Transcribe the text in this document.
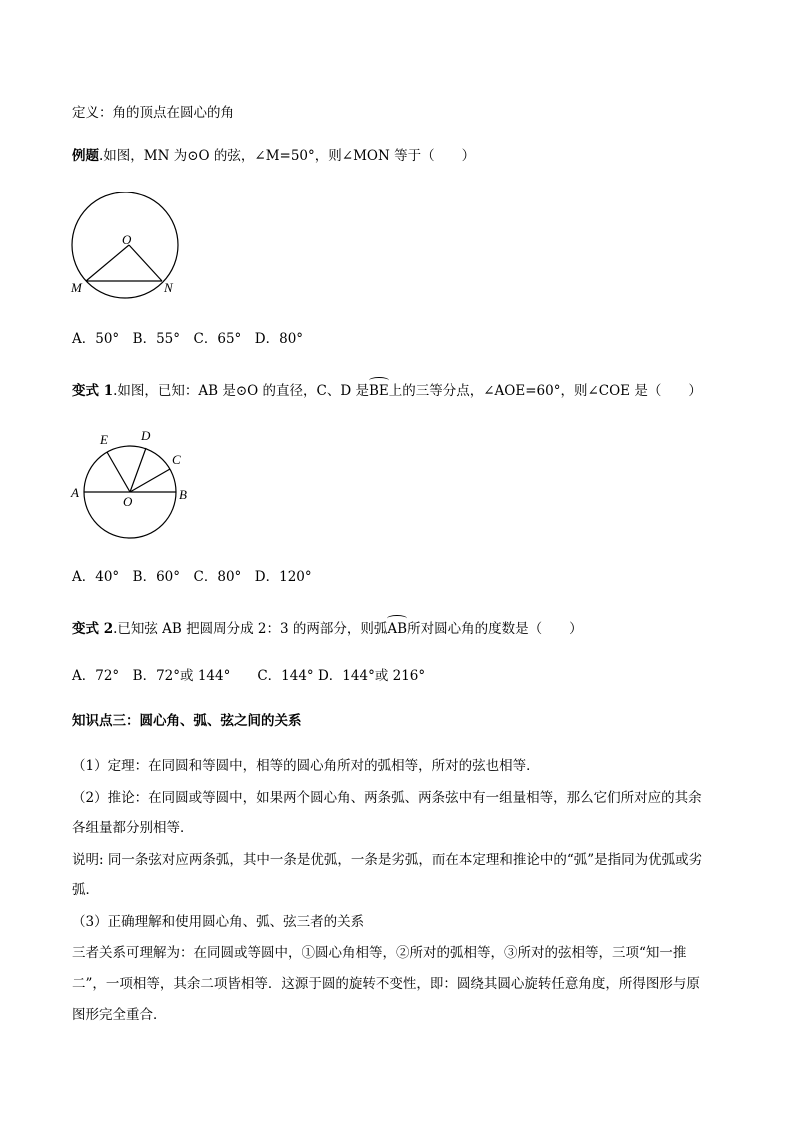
定义：角的顶点在圆心的角
例题.如图，MN 为⊙O 的弦，∠M=50°，则∠MON 等于（　　）
O
M	N
A．50°　B．55°　C．65°　D．80°
变式 1.如图，已知：AB 是⊙O 的直径，C、D 是BE上的三等分点，∠AOE=60°，则∠COE 是（　　）
E	D
C
A	B
O
A．40°　B．60°　C．80°　D．120°
变式 2.已知弦 AB 把圆周分成 2：3 的两部分，则弧AB所对圆心角的度数是（　　）
A．72°　B．72°或 144°　　C．144° D．144°或 216°
知识点三：圆心角、弧、弦之间的关系
（1）定理：在同圆和等圆中，相等的圆心角所对的弧相等，所对的弦也相等．
（2）推论：在同圆或等圆中，如果两个圆心角、两条弧、两条弦中有一组量相等，那么它们所对应的其余
各组量都分别相等．
说明: 同一条弦对应两条弧，其中一条是优弧，一条是劣弧，而在本定理和推论中的“弧”是指同为优弧或劣
弧．
（3）正确理解和使用圆心角、弧、弦三者的关系
三者关系可理解为：在同圆或等圆中，①圆心角相等，②所对的弧相等，③所对的弦相等，三项“知一推
二”，一项相等，其余二项皆相等．这源于圆的旋转不变性，即：圆绕其圆心旋转任意角度，所得图形与原
图形完全重合．
